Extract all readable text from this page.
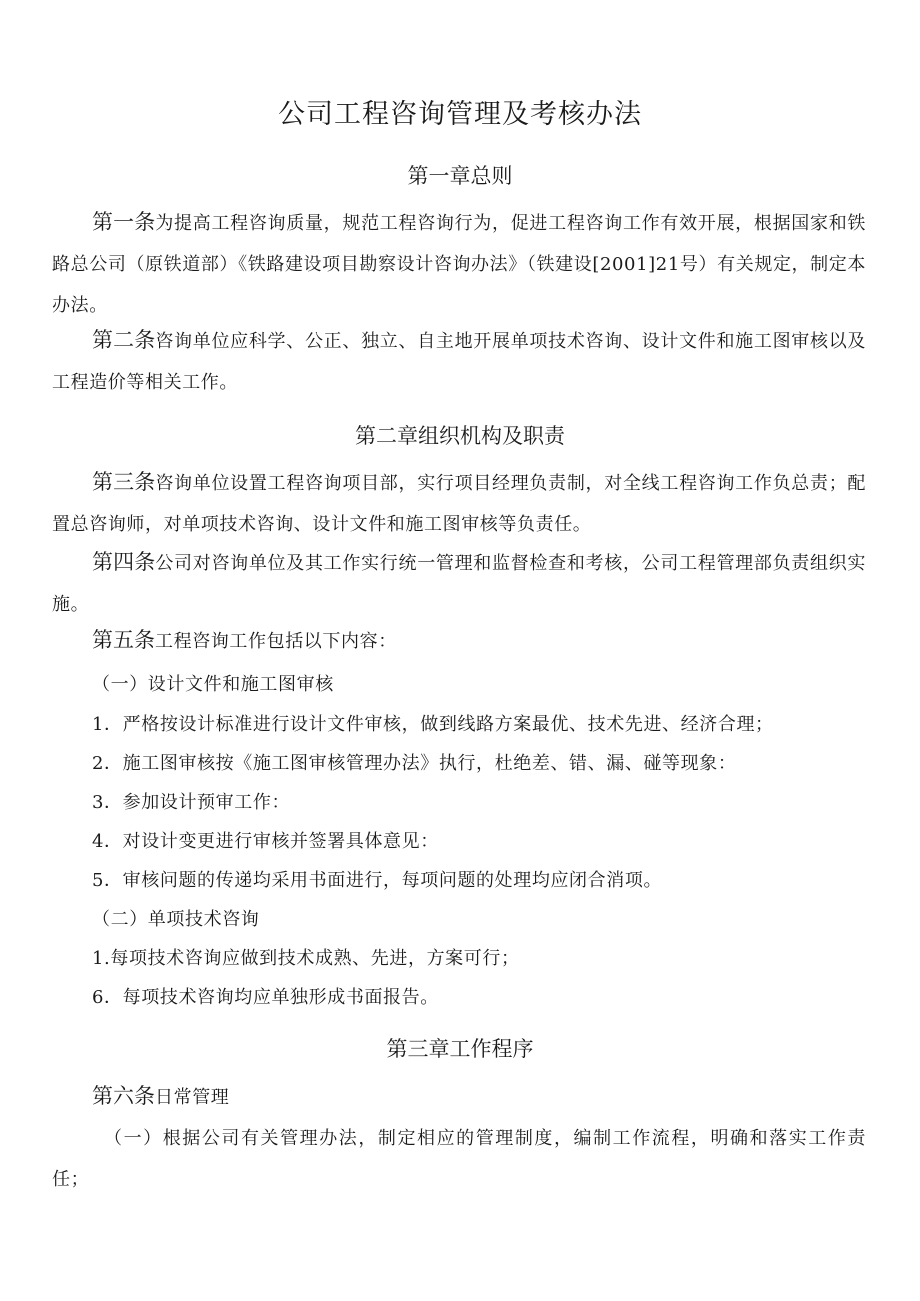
公司工程咨询管理及考核办法
第一章总则
第一条为提高工程咨询质量，规范工程咨询行为，促进工程咨询工作有效开展，根据国家和铁路总公司（原铁道部）《铁路建设项目勘察设计咨询办法》（铁建设[2001]21号）有关规定，制定本办法。
第二条咨询单位应科学、公正、独立、自主地开展单项技术咨询、设计文件和施工图审核以及工程造价等相关工作。
第二章组织机构及职责
第三条咨询单位设置工程咨询项目部，实行项目经理负责制，对全线工程咨询工作负总责；配置总咨询师，对单项技术咨询、设计文件和施工图审核等负责任。
第四条公司对咨询单位及其工作实行统一管理和监督检查和考核，公司工程管理部负责组织实施。
第五条工程咨询工作包括以下内容：
（一）设计文件和施工图审核
1．严格按设计标准进行设计文件审核，做到线路方案最优、技术先进、经济合理；
2．施工图审核按《施工图审核管理办法》执行，杜绝差、错、漏、碰等现象：
3．参加设计预审工作：
4．对设计变更进行审核并签署具体意见：
5．审核问题的传递均采用书面进行，每项问题的处理均应闭合消项。
（二）单项技术咨询
1.每项技术咨询应做到技术成熟、先进，方案可行；
6．每项技术咨询均应单独形成书面报告。
第三章工作程序
第六条日常管理
（一）根据公司有关管理办法，制定相应的管理制度，编制工作流程，明确和落实工作责任；
